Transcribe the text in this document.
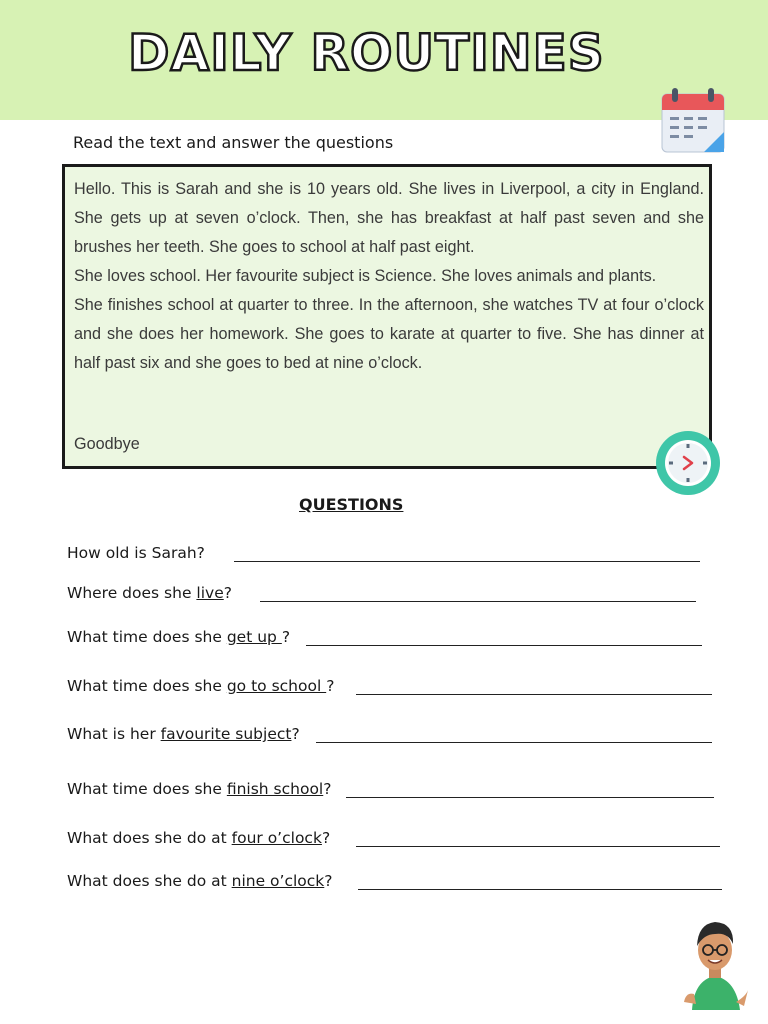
DAILY ROUTINES
Read the text and answer the questions

Hello. This is Sarah and she is 10 years old. She lives in Liverpool, a city in England. She gets up at seven o’clock. Then, she has breakfast at half past seven and she brushes her teeth. She goes to school at half past eight.

She loves school. Her favourite subject is Science. She loves animals and plants.

She finishes school at quarter to three. In the afternoon, she watches TV at four o’clock and she does her homework. She goes to karate at quarter to five. She has dinner at half past six and she goes to bed at nine o’clock.

Goodbye
QUESTIONS
How old is Sarah?
Where does she live?
What time does she get up ?
What time does she go to school ?
What is her favourite subject?
What time does she finish school?
What does she do at four o’clock?
What does she do at nine o’clock?
